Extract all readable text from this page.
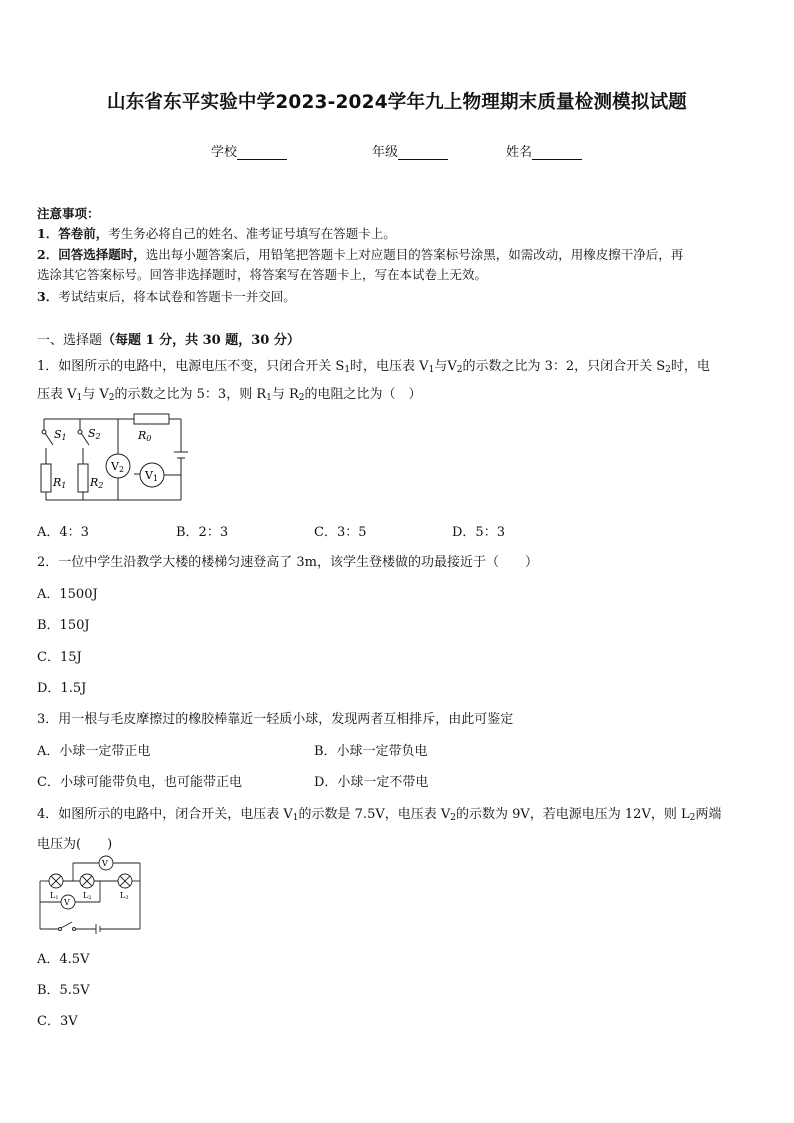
山东省东平实验中学2023-2024学年九上物理期末质量检测模拟试题
学校	年级	姓名
注意事项：
1．答卷前，考生务必将自己的姓名、准考证号填写在答题卡上。
2．回答选择题时，选出每小题答案后，用铅笔把答题卡上对应题目的答案标号涂黑，如需改动，用橡皮擦干净后，再
选涂其它答案标号。回答非选择题时，将答案写在答题卡上，写在本试卷上无效。
3．考试结束后，将本试卷和答题卡一并交回。
一、选择题（每题 1 分，共 30 题，30 分）
1．如图所示的电路中，电源电压不变，只闭合开关 $S_1$时，电压表 $V_1$与$V_2$的示数之比为 3：2，只闭合开关 $S_2$时，电
压表 $V_1$与 $V_2$的示数之比为 5：3，则 $R_1$与 $R_2$的电阻之比为（　）
S1 S2	R0
R1 R2
V2 V1
A．4：3	B．2：3	C．3：5	D．5：3
2．一位中学生沿教学大楼的楼梯匀速登高了 3m，该学生登楼做的功最接近于（　　）
A．1500J
B．150J
C．15J
D．1.5J
3．用一根与毛皮摩擦过的橡胶棒靠近一轻质小球，发现两者互相排斥，由此可鉴定
A．小球一定带正电	B．小球一定带负电
C．小球可能带负电，也可能带正电	D．小球一定不带电
4．如图所示的电路中，闭合开关，电压表 $V_1$的示数是 7.5V，电压表 $V_2$的示数为 9V，若电源电压为 12V，则 $L_2$两端
电压为(　　)
V
V
L1	L2	L3
A．4.5V
B．5.5V
C．3V
